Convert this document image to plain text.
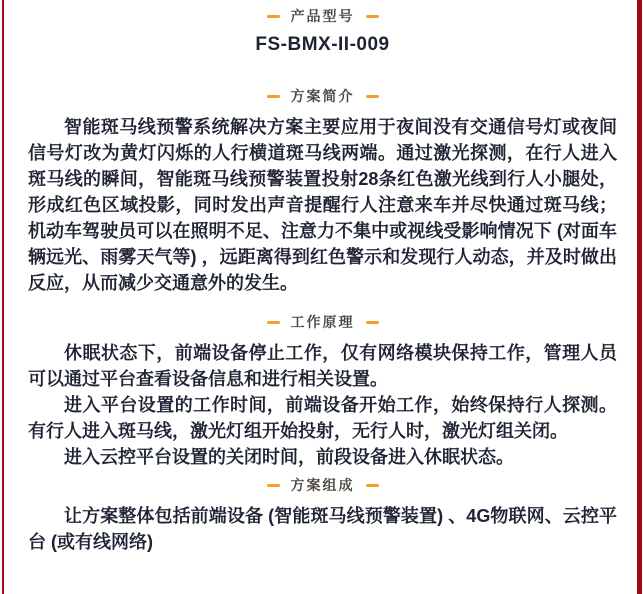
产品型号
FS-BMX-II-009
方案简介

智能斑马线预警系统解决方案主要应用于夜间没有交通信号灯或夜间信号灯改为黄灯闪烁的人行横道斑马线两端。通过激光探测，在行人进入斑马线的瞬间，智能斑马线预警装置投射28条红色激光线到行人小腿处，形成红色区域投影，同时发出声音提醒行人注意来车并尽快通过斑马线；机动车驾驶员可以在照明不足、注意力不集中或视线受影响情况下 (对面车辆远光、雨雾天气等) ，远距离得到红色警示和发现行人动态，并及时做出反应，从而减少交通意外的发生。

工作原理

休眠状态下，前端设备停止工作，仅有网络模块保持工作，管理人员可以通过平台查看设备信息和进行相关设置。

进入平台设置的工作时间，前端设备开始工作，始终保持行人探测。有行人进入斑马线，激光灯组开始投射，无行人时，激光灯组关闭。

进入云控平台设置的关闭时间，前段设备进入休眠状态。

方案组成

让方案整体包括前端设备 (智能斑马线预警装置) 、4G物联网、云控平台 (或有线网络)
